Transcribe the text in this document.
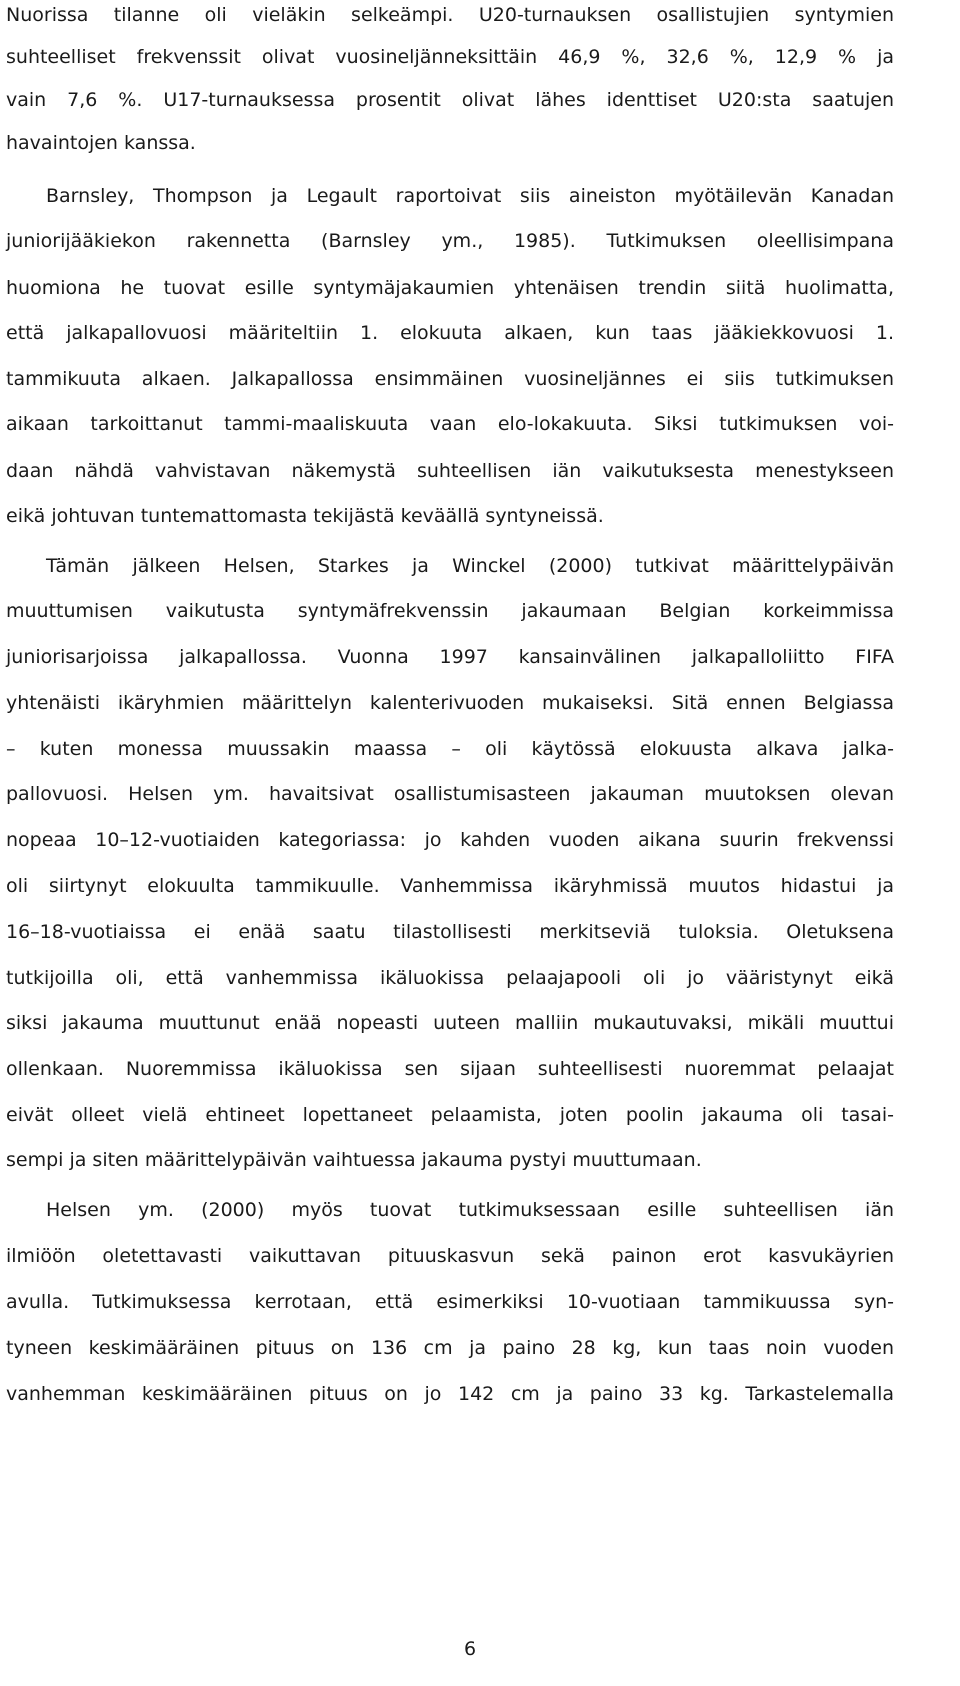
Nuorissa tilanne oli vieläkin selkeämpi. U20-turnauksen osallistujien syntymien
suhteelliset frekvenssit olivat vuosineljänneksittäin 46,9 %, 32,6 %, 12,9 % ja
vain 7,6 %. U17-turnauksessa prosentit olivat lähes identtiset U20:sta saatujen
havaintojen kanssa.
Barnsley, Thompson ja Legault raportoivat siis aineiston myötäilevän Kanadan
juniorijääkiekon rakennetta (Barnsley ym., 1985). Tutkimuksen oleellisimpana
huomiona he tuovat esille syntymäjakaumien yhtenäisen trendin siitä huolimatta,
että jalkapallovuosi määriteltiin 1. elokuuta alkaen, kun taas jääkiekkovuosi 1.
tammikuuta alkaen. Jalkapallossa ensimmäinen vuosineljännes ei siis tutkimuksen
aikaan tarkoittanut tammi-maaliskuuta vaan elo-lokakuuta. Siksi tutkimuksen voi-
daan nähdä vahvistavan näkemystä suhteellisen iän vaikutuksesta menestykseen
eikä johtuvan tuntemattomasta tekijästä keväällä syntyneissä.
Tämän jälkeen Helsen, Starkes ja Winckel (2000) tutkivat määrittelypäivän
muuttumisen vaikutusta syntymäfrekvenssin jakaumaan Belgian korkeimmissa
juniorisarjoissa jalkapallossa. Vuonna 1997 kansainvälinen jalkapalloliitto FIFA
yhtenäisti ikäryhmien määrittelyn kalenterivuoden mukaiseksi. Sitä ennen Belgiassa
– kuten monessa muussakin maassa – oli käytössä elokuusta alkava jalka-
pallovuosi. Helsen ym. havaitsivat osallistumisasteen jakauman muutoksen olevan
nopeaa 10–12-vuotiaiden kategoriassa: jo kahden vuoden aikana suurin frekvenssi
oli siirtynyt elokuulta tammikuulle. Vanhemmissa ikäryhmissä muutos hidastui ja
16–18-vuotiaissa ei enää saatu tilastollisesti merkitseviä tuloksia. Oletuksena
tutkijoilla oli, että vanhemmissa ikäluokissa pelaajapooli oli jo vääristynyt eikä
siksi jakauma muuttunut enää nopeasti uuteen malliin mukautuvaksi, mikäli muuttui
ollenkaan. Nuoremmissa ikäluokissa sen sijaan suhteellisesti nuoremmat pelaajat
eivät olleet vielä ehtineet lopettaneet pelaamista, joten poolin jakauma oli tasai-
sempi ja siten määrittelypäivän vaihtuessa jakauma pystyi muuttumaan.
Helsen ym. (2000) myös tuovat tutkimuksessaan esille suhteellisen iän
ilmiöön oletettavasti vaikuttavan pituuskasvun sekä painon erot kasvukäyrien
avulla. Tutkimuksessa kerrotaan, että esimerkiksi 10-vuotiaan tammikuussa syn-
tyneen keskimääräinen pituus on 136 cm ja paino 28 kg, kun taas noin vuoden
vanhemman keskimääräinen pituus on jo 142 cm ja paino 33 kg. Tarkastelemalla
6
